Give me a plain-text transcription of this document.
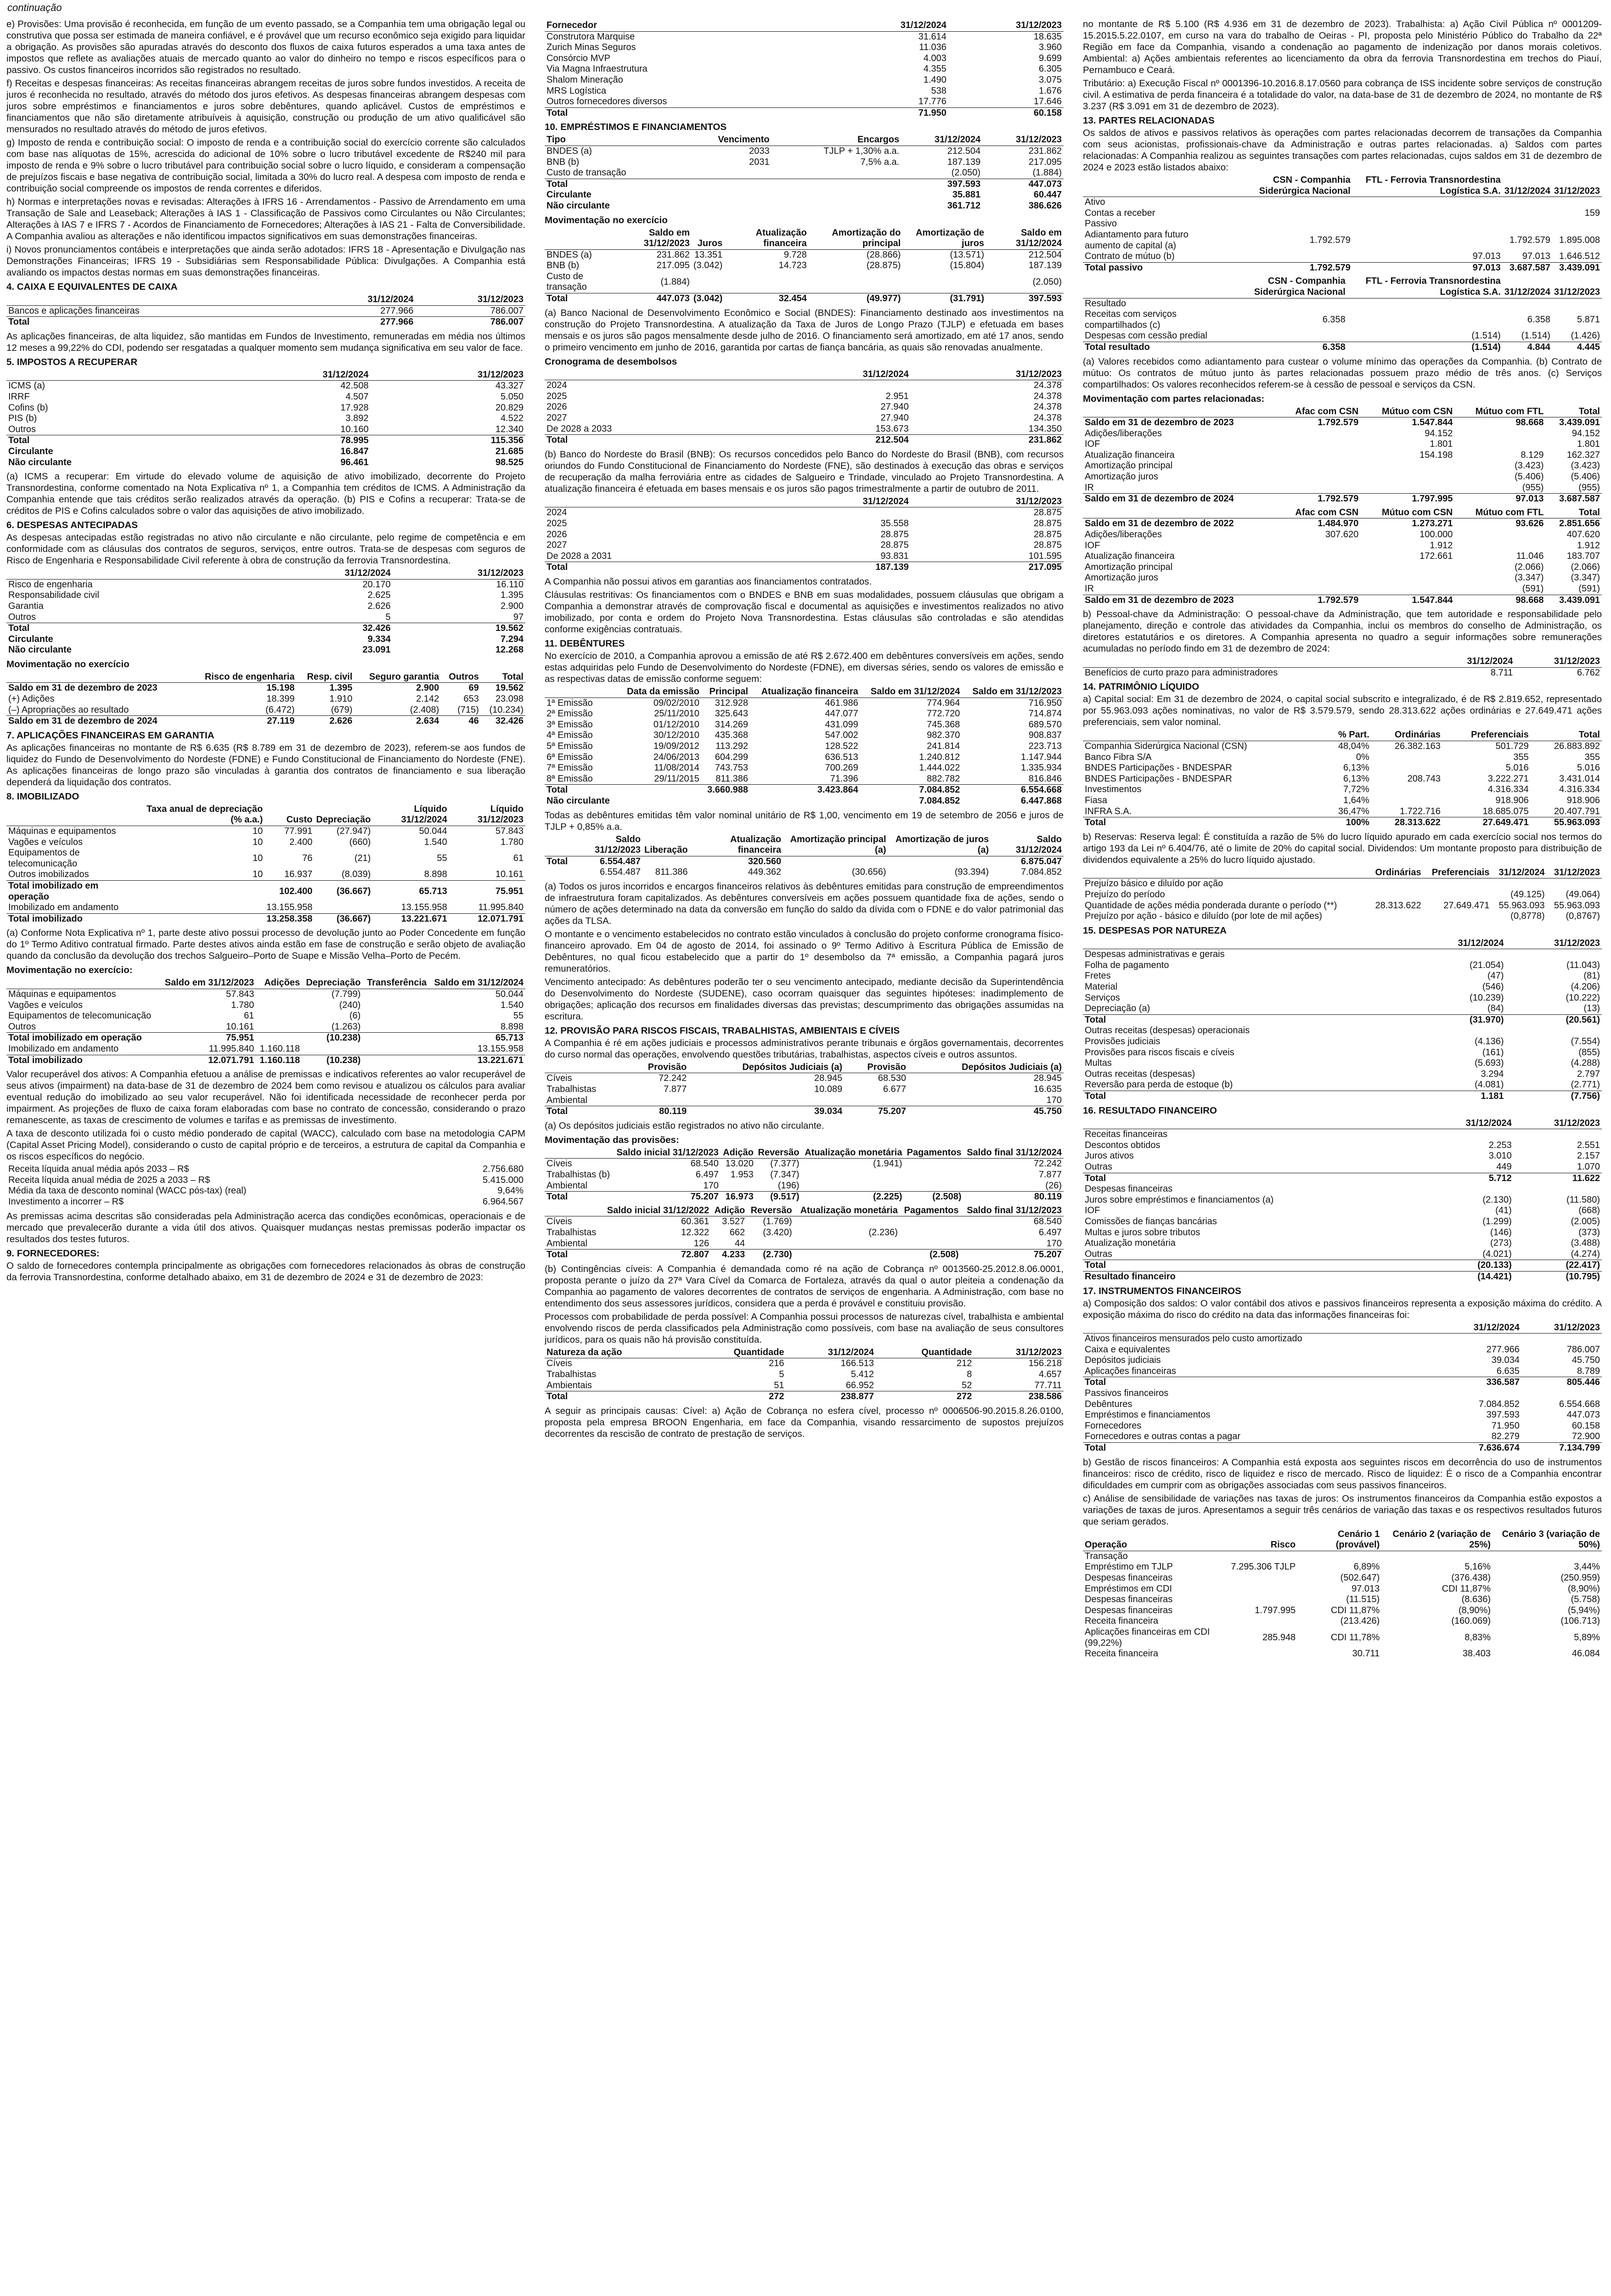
continuação

e) Provisões: Uma provisão é reconhecida, em função de um evento passado, se a Companhia tem uma obrigação legal ou construtiva que possa ser estimada de maneira confiável, e é provável que um recurso econômico seja exigido para liquidar a obrigação. As provisões são apuradas através do desconto dos fluxos de caixa futuros esperados a uma taxa antes de impostos que reflete as avaliações atuais de mercado quanto ao valor do dinheiro no tempo e riscos específicos para o passivo. Os custos financeiros incorridos são registrados no resultado.

f) Receitas e despesas financeiras: As receitas financeiras abrangem receitas de juros sobre fundos investidos. A receita de juros é reconhecida no resultado, através do método dos juros efetivos. As despesas financeiras abrangem despesas com juros sobre empréstimos e financiamentos e juros sobre debêntures, quando aplicável. Custos de empréstimos e financiamentos que não são diretamente atribuíveis à aquisição, construção ou produção de um ativo qualificável são mensurados no resultado através do método de juros efetivos.

g) Imposto de renda e contribuição social: O imposto de renda e a contribuição social do exercício corrente são calculados com base nas alíquotas de 15%, acrescida do adicional de 10% sobre o lucro tributável excedente de R$240 mil para imposto de renda e 9% sobre o lucro tributável para contribuição social sobre o lucro líquido, e consideram a compensação de prejuízos fiscais e base negativa de contribuição social, limitada a 30% do lucro real. A despesa com imposto de renda e contribuição social compreende os impostos de renda correntes e diferidos.

h) Normas e interpretações novas e revisadas: Alterações à IFRS 16 - Arrendamentos - Passivo de Arrendamento em uma Transação de Sale and Leaseback; Alterações à IAS 1 - Classificação de Passivos como Circulantes ou Não Circulantes; Alterações à IAS 7 e IFRS 7 - Acordos de Financiamento de Fornecedores; Alterações à IAS 21 - Falta de Conversibilidade. A Companhia avaliou as alterações e não identificou impactos significativos em suas demonstrações financeiras.

i) Novos pronunciamentos contábeis e interpretações que ainda serão adotados: IFRS 18 - Apresentação e Divulgação nas Demonstrações Financeiras; IFRS 19 - Subsidiárias sem Responsabilidade Pública: Divulgações. A Companhia está avaliando os impactos destas normas em suas demonstrações financeiras.

4. CAIXA E EQUIVALENTES DE CAIXA
	31/12/2024	31/12/2023
Bancos e aplicações financeiras	277.966	786.007
Total	277.966	786.007

As aplicações financeiras, de alta liquidez, são mantidas em Fundos de Investimento, remuneradas em média nos últimos 12 meses a 99,22% do CDI, podendo ser resgatadas a qualquer momento sem mudança significativa em seu valor de face.

5. IMPOSTOS A RECUPERAR
	31/12/2024	31/12/2023
ICMS (a)	42.508	43.327
IRRF	4.507	5.050
Cofins (b)	17.928	20.829
PIS (b)	3.892	4.522
Outros	10.160	12.340
Total	78.995	115.356
Circulante	16.847	21.685
Não circulante	96.461	98.525

(a) ICMS a recuperar: Em virtude do elevado volume de aquisição de ativo imobilizado, decorrente do Projeto Transnordestina, conforme comentado na Nota Explicativa nº 1, a Companhia tem créditos de ICMS. A Administração da Companhia entende que tais créditos serão realizados através da operação. (b) PIS e Cofins a recuperar: Trata-se de créditos de PIS e Cofins calculados sobre o valor das aquisições de ativo imobilizado.

6. DESPESAS ANTECIPADAS

As despesas antecipadas estão registradas no ativo não circulante e não circulante, pelo regime de competência e em conformidade com as cláusulas dos contratos de seguros, serviços, entre outros. Trata-se de despesas com seguros de Risco de Engenharia e Responsabilidade Civil referente à obra de construção da ferrovia Transnordestina.

	31/12/2024	31/12/2023
Risco de engenharia	20.170	16.110
Responsabilidade civil	2.625	1.395
Garantia	2.626	2.900
Outros	5	97
Total	32.426	19.562
Circulante	9.334	7.294
Não circulante	23.091	12.268
Movimentação no exercício
	Risco de engenharia	Resp. civil	Seguro garantia	Outros	Total
Saldo em 31 de dezembro de 2023	15.198	1.395	2.900	69	19.562
(+) Adições	18.399	1.910	2.142	653	23.098
(–) Apropriações ao resultado	(6.472)	(679)	(2.408)	(715)	(10.234)
Saldo em 31 de dezembro de 2024	27.119	2.626	2.634	46	32.426
7. APLICAÇÕES FINANCEIRAS EM GARANTIA

As aplicações financeiras no montante de R$ 6.635 (R$ 8.789 em 31 de dezembro de 2023), referem-se aos fundos de liquidez do Fundo de Desenvolvimento do Nordeste (FDNE) e Fundo Constitucional de Financiamento do Nordeste (FNE). As aplicações financeiras de longo prazo são vinculadas à garantia dos contratos de financiamento e sua liberação dependerá da liquidação dos contratos.

8. IMOBILIZADO
	Taxa anual de depreciação (% a.a.)	Custo	Depreciação	Líquido 31/12/2024	Líquido 31/12/2023
Máquinas e equipamentos	10	77.991	(27.947)	50.044	57.843
Vagões e veículos	10	2.400	(660)	1.540	1.780
Equipamentos de telecomunicação	10	76	(21)	55	61
Outros imobilizados	10	16.937	(8.039)	8.898	10.161
Total imobilizado em operação		102.400	(36.667)	65.713	75.951
Imobilizado em andamento		13.155.958		13.155.958	11.995.840
Total imobilizado		13.258.358	(36.667)	13.221.671	12.071.791

(a) Conforme Nota Explicativa nº 1, parte deste ativo possui processo de devolução junto ao Poder Concedente em função do 1º Termo Aditivo contratual firmado. Parte destes ativos ainda estão em fase de construção e serão objeto de avaliação quando da conclusão da devolução dos trechos Salgueiro–Porto de Suape e Missão Velha–Porto de Pecém.

Movimentação no exercício:
	Saldo em 31/12/2023	Adições	Depreciação	Transferência	Saldo em 31/12/2024
Máquinas e equipamentos	57.843		(7.799)		50.044
Vagões e veículos	1.780		(240)		1.540
Equipamentos de telecomunicação	61		(6)		55
Outros	10.161		(1.263)		8.898
Total imobilizado em operação	75.951		(10.238)		65.713
Imobilizado em andamento	11.995.840	1.160.118			13.155.958
Total imobilizado	12.071.791	1.160.118	(10.238)		13.221.671

Valor recuperável dos ativos: A Companhia efetuou a análise de premissas e indicativos referentes ao valor recuperável de seus ativos (impairment) na data-base de 31 de dezembro de 2024 bem como revisou e atualizou os cálculos para avaliar eventual redução do imobilizado ao seu valor recuperável. Não foi identificada necessidade de reconhecer perda por impairment. As projeções de fluxo de caixa foram elaboradas com base no contrato de concessão, considerando o prazo remanescente, as taxas de crescimento de volumes e tarifas e as premissas de investimento.

A taxa de desconto utilizada foi o custo médio ponderado de capital (WACC), calculado com base na metodologia CAPM (Capital Asset Pricing Model), considerando o custo de capital próprio e de terceiros, a estrutura de capital da Companhia e os riscos específicos do negócio.

Receita líquida anual média após 2033 – R$	2.756.680
Receita líquida anual média de 2025 a 2033 – R$	5.415.000
Média da taxa de desconto nominal (WACC pós-tax) (real)	9,64%
Investimento a incorrer – R$	6.964.567

As premissas acima descritas são consideradas pela Administração acerca das condições econômicas, operacionais e de mercado que prevalecerão durante a vida útil dos ativos. Quaisquer mudanças nestas premissas poderão impactar os resultados dos testes futuros.

9. FORNECEDORES:

O saldo de fornecedores contempla principalmente as obrigações com fornecedores relacionados às obras de construção da ferrovia Transnordestina, conforme detalhado abaixo, em 31 de dezembro de 2024 e 31 de dezembro de 2023:

Fornecedor	31/12/2024	31/12/2023
Construtora Marquise	31.614	18.635
Zurich Minas Seguros	11.036	3.960
Consórcio MVP	4.003	9.699
Via Magna Infraestrutura	4.355	6.305
Shalom Mineração	1.490	3.075
MRS Logística	538	1.676
Outros fornecedores diversos	17.776	17.646
Total	71.950	60.158
10. EMPRÉSTIMOS E FINANCIAMENTOS
Tipo	Vencimento	Encargos	31/12/2024	31/12/2023
BNDES (a)	2033	TJLP + 1,30% a.a.	212.504	231.862
BNB (b)	2031	7,5% a.a.	187.139	217.095
Custo de transação			(2.050)	(1.884)
Total			397.593	447.073
Circulante			35.881	60.447
Não circulante			361.712	386.626
Movimentação no exercício
	Saldo em 31/12/2023	Juros	Atualização financeira	Amortização do principal	Amortização de juros	Saldo em 31/12/2024
BNDES (a)	231.862	13.351	9.728	(28.866)	(13.571)	212.504
BNB (b)	217.095	(3.042)	14.723	(28.875)	(15.804)	187.139
Custo de transação	(1.884)					(2.050)
Total	447.073	(3.042)	32.454	(49.977)	(31.791)	397.593

(a) Banco Nacional de Desenvolvimento Econômico e Social (BNDES): Financiamento destinado aos investimentos na construção do Projeto Transnordestina. A atualização da Taxa de Juros de Longo Prazo (TJLP) e efetuada em bases mensais e os juros são pagos mensalmente desde julho de 2016. O financiamento será amortizado, em até 17 anos, sendo o primeiro vencimento em junho de 2016, garantida por cartas de fiança bancária, as quais são renovadas anualmente.

Cronograma de desembolsos
	31/12/2024	31/12/2023
2024		24.378
2025	2.951	24.378
2026	27.940	24.378
2027	27.940	24.378
De 2028 a 2033	153.673	134.350
Total	212.504	231.862

(b) Banco do Nordeste do Brasil (BNB): Os recursos concedidos pelo Banco do Nordeste do Brasil (BNB), com recursos oriundos do Fundo Constitucional de Financiamento do Nordeste (FNE), são destinados à execução das obras e serviços de recuperação da malha ferroviária entre as cidades de Salgueiro e Trindade, vinculado ao Projeto Transnordestina. A atualização financeira é efetuada em bases mensais e os juros são pagos trimestralmente a partir de outubro de 2011.

	31/12/2024	31/12/2023
2024		28.875
2025	35.558	28.875
2026	28.875	28.875
2027	28.875	28.875
De 2028 a 2031	93.831	101.595
Total	187.139	217.095

A Companhia não possui ativos em garantias aos financiamentos contratados.

Cláusulas restritivas: Os financiamentos com o BNDES e BNB em suas modalidades, possuem cláusulas que obrigam a Companhia a demonstrar através de comprovação fiscal e documental as aquisições e investimentos realizados no ativo imobilizado, por conta e ordem do Projeto Nova Transnordestina. Estas cláusulas são controladas e são atendidas conforme exigências contratuais.

11. DEBÊNTURES

No exercício de 2010, a Companhia aprovou a emissão de até R$ 2.672.400 em debêntures conversíveis em ações, sendo estas adquiridas pelo Fundo de Desenvolvimento do Nordeste (FDNE), em diversas séries, sendo os valores de emissão e as respectivas datas de emissão conforme seguem:

	Data da emissão	Principal	Atualização financeira	Saldo em 31/12/2024	Saldo em 31/12/2023
1ª Emissão	09/02/2010	312.928	461.986	774.964	716.950
2ª Emissão	25/11/2010	325.643	447.077	772.720	714.874
3ª Emissão	01/12/2010	314.269	431.099	745.368	689.570
4ª Emissão	30/12/2010	435.368	547.002	982.370	908.837
5ª Emissão	19/09/2012	113.292	128.522	241.814	223.713
6ª Emissão	24/06/2013	604.299	636.513	1.240.812	1.147.944
7ª Emissão	11/08/2014	743.753	700.269	1.444.022	1.335.934
8ª Emissão	29/11/2015	811.386	71.396	882.782	816.846
Total		3.660.988	3.423.864	7.084.852	6.554.668
Não circulante				7.084.852	6.447.868

Todas as debêntures emitidas têm valor nominal unitário de R$ 1,00, vencimento em 19 de setembro de 2056 e juros de TJLP + 0,85% a.a.

	Saldo 31/12/2023	Liberação	Atualização financeira	Amortização principal (a)	Amortização de juros (a)	Saldo 31/12/2024
Total	6.554.487		320.560			6.875.047
	6.554.487	811.386	449.362	(30.656)	(93.394)	7.084.852

(a) Todos os juros incorridos e encargos financeiros relativos às debêntures emitidas para construção de empreendimentos de infraestrutura foram capitalizados. As debêntures conversíveis em ações possuem quantidade fixa de ações, sendo o número de ações determinado na data da conversão em função do saldo da dívida com o FDNE e do valor patrimonial das ações da TLSA.

O montante e o vencimento estabelecidos no contrato estão vinculados à conclusão do projeto conforme cronograma físico-financeiro aprovado. Em 04 de agosto de 2014, foi assinado o 9º Termo Aditivo à Escritura Pública de Emissão de Debêntures, no qual ficou estabelecido que a partir do 1º desembolso da 7ª emissão, a Companhia pagará juros remuneratórios.

Vencimento antecipado: As debêntures poderão ter o seu vencimento antecipado, mediante decisão da Superintendência do Desenvolvimento do Nordeste (SUDENE), caso ocorram quaisquer das seguintes hipóteses: inadimplemento de obrigações; aplicação dos recursos em finalidades diversas das previstas; descumprimento das obrigações assumidas na escritura.

12. PROVISÃO PARA RISCOS FISCAIS, TRABALHISTAS, AMBIENTAIS E CÍVEIS

A Companhia é ré em ações judiciais e processos administrativos perante tribunais e órgãos governamentais, decorrentes do curso normal das operações, envolvendo questões tributárias, trabalhistas, aspectos cíveis e outros assuntos.

	Provisão	Depósitos Judiciais (a)	Provisão	Depósitos Judiciais (a)
Cíveis	72.242	28.945	68.530	28.945
Trabalhistas	7.877	10.089	6.677	16.635
Ambiental				170
Total	80.119	39.034	75.207	45.750

(a) Os depósitos judiciais estão registrados no ativo não circulante.

Movimentação das provisões:
	Saldo inicial 31/12/2023	Adição	Reversão	Atualização monetária	Pagamentos	Saldo final 31/12/2024
Cíveis	68.540	13.020	(7.377)	(1.941)		72.242
Trabalhistas (b)	6.497	1.953	(7.347)			7.877
Ambiental	170		(196)			(26)
Total	75.207	16.973	(9.517)	(2.225)	(2.508)	80.119
	Saldo inicial 31/12/2022	Adição	Reversão	Atualização monetária	Pagamentos	Saldo final 31/12/2023
Cíveis	60.361	3.527	(1.769)			68.540
Trabalhistas	12.322	662	(3.420)	(2.236)		6.497
Ambiental	126	44				170
Total	72.807	4.233	(2.730)		(2.508)	75.207

(b) Contingências cíveis: A Companhia é demandada como ré na ação de Cobrança nº 0013560-25.2012.8.06.0001, proposta perante o juízo da 27ª Vara Cível da Comarca de Fortaleza, através da qual o autor pleiteia a condenação da Companhia ao pagamento de valores decorrentes de contratos de serviços de engenharia. A Administração, com base no entendimento dos seus assessores jurídicos, considera que a perda é provável e constituiu provisão.

Processos com probabilidade de perda possível: A Companhia possui processos de naturezas cível, trabalhista e ambiental envolvendo riscos de perda classificados pela Administração como possíveis, com base na avaliação de seus consultores jurídicos, para os quais não há provisão constituída.

Natureza da ação	Quantidade	31/12/2024	Quantidade	31/12/2023
Cíveis	216	166.513	212	156.218
Trabalhistas	5	5.412	8	4.657
Ambientais	51	66.952	52	77.711
Total	272	238.877	272	238.586

A seguir as principais causas: Cível: a) Ação de Cobrança no esfera cível, processo nº 0006506-90.2015.8.26.0100, proposta pela empresa BROON Engenharia, em face da Companhia, visando ressarcimento de supostos prejuízos decorrentes da rescisão de contrato de prestação de serviços.

no montante de R$ 5.100 (R$ 4.936 em 31 de dezembro de 2023). Trabalhista: a) Ação Civil Pública nº 0001209-15.2015.5.22.0107, em curso na vara do trabalho de Oeiras - PI, proposta pelo Ministério Público do Trabalho da 22ª Região em face da Companhia, visando a condenação ao pagamento de indenização por danos morais coletivos. Ambiental: a) Ações ambientais referentes ao licenciamento da obra da ferrovia Transnordestina em trechos do Piauí, Pernambuco e Ceará.

Tributário: a) Execução Fiscal nº 0001396-10.2016.8.17.0560 para cobrança de ISS incidente sobre serviços de construção civil. A estimativa de perda financeira é a totalidade do valor, na data-base de 31 de dezembro de 2024, no montante de R$ 3.237 (R$ 3.091 em 31 de dezembro de 2023).

13. PARTES RELACIONADAS

Os saldos de ativos e passivos relativos às operações com partes relacionadas decorrem de transações da Companhia com seus acionistas, profissionais-chave da Administração e outras partes relacionadas. a) Saldos com partes relacionadas: A Companhia realizou as seguintes transações com partes relacionadas, cujos saldos em 31 de dezembro de 2024 e 2023 estão listados abaixo:

	CSN - Companhia Siderúrgica Nacional	FTL - Ferrovia Transnordestina Logística S.A.	31/12/2024	31/12/2023
Ativo				
Contas a receber				159
Passivo				
Adiantamento para futuro aumento de capital (a)	1.792.579		1.792.579	1.895.008
Contrato de mútuo (b)		97.013	97.013	1.646.512
Total passivo	1.792.579	97.013	3.687.587	3.439.091
	CSN - Companhia Siderúrgica Nacional	FTL - Ferrovia Transnordestina Logística S.A.	31/12/2024	31/12/2023
Resultado				
Receitas com serviços compartilhados (c)	6.358		6.358	5.871
Despesas com cessão predial		(1.514)	(1.514)	(1.426)
Total resultado	6.358	(1.514)	4.844	4.445

(a) Valores recebidos como adiantamento para custear o volume mínimo das operações da Companhia. (b) Contrato de mútuo: Os contratos de mútuo junto às partes relacionadas possuem prazo médio de três anos. (c) Serviços compartilhados: Os valores reconhecidos referem-se à cessão de pessoal e serviços da CSN.

Movimentação com partes relacionadas:
	Afac com CSN	Mútuo com CSN	Mútuo com FTL	Total
Saldo em 31 de dezembro de 2023	1.792.579	1.547.844	98.668	3.439.091
Adições/liberações		94.152		94.152
IOF		1.801		1.801
Atualização financeira		154.198	8.129	162.327
Amortização principal			(3.423)	(3.423)
Amortização juros			(5.406)	(5.406)
IR			(955)	(955)
Saldo em 31 de dezembro de 2024	1.792.579	1.797.995	97.013	3.687.587
	Afac com CSN	Mútuo com CSN	Mútuo com FTL	Total
Saldo em 31 de dezembro de 2022	1.484.970	1.273.271	93.626	2.851.656
Adições/liberações	307.620	100.000		407.620
IOF		1.912		1.912
Atualização financeira		172.661	11.046	183.707
Amortização principal			(2.066)	(2.066)
Amortização juros			(3.347)	(3.347)
IR			(591)	(591)
Saldo em 31 de dezembro de 2023	1.792.579	1.547.844	98.668	3.439.091

b) Pessoal-chave da Administração: O pessoal-chave da Administração, que tem autoridade e responsabilidade pelo planejamento, direção e controle das atividades da Companhia, inclui os membros do conselho de Administração, os diretores estatutários e os diretores. A Companhia apresenta no quadro a seguir informações sobre remunerações acumuladas no período findo em 31 de dezembro de 2024:

	31/12/2024	31/12/2023
Benefícios de curto prazo para administradores	8.711	6.762
14. PATRIMÔNIO LÍQUIDO

a) Capital social: Em 31 de dezembro de 2024, o capital social subscrito e integralizado, é de R$ 2.819.652, representado por 55.963.093 ações nominativas, no valor de R$ 3.579.579, sendo 28.313.622 ações ordinárias e 27.649.471 ações preferenciais, sem valor nominal.

	% Part.	Ordinárias	Preferenciais	Total
Companhia Siderúrgica Nacional (CSN)	48,04%	26.382.163	501.729	26.883.892
Banco Fibra S/A	0%		355	355
BNDES Participações - BNDESPAR	6,13%		5.016	5.016
BNDES Participações - BNDESPAR	6,13%	208.743	3.222.271	3.431.014
Investimentos	7,72%		4.316.334	4.316.334
Fiasa	1,64%		918.906	918.906
INFRA S.A.	36,47%	1.722.716	18.685.075	20.407.791
Total	100%	28.313.622	27.649.471	55.963.093

b) Reservas: Reserva legal: É constituída a razão de 5% do lucro líquido apurado em cada exercício social nos termos do artigo 193 da Lei nº 6.404/76, até o limite de 20% do capital social. Dividendos: Um montante proposto para distribuição de dividendos equivalente a 25% do lucro líquido ajustado.

	Ordinárias	Preferenciais	31/12/2024	31/12/2023
Prejuízo básico e diluído por ação				
Prejuízo do período			(49.125)	(49.064)
Quantidade de ações média ponderada durante o período (**)	28.313.622	27.649.471	55.963.093	55.963.093
Prejuízo por ação - básico e diluído (por lote de mil ações)			(0,8778)	(0,8767)
15. DESPESAS POR NATUREZA
	31/12/2024	31/12/2023
Despesas administrativas e gerais		
Folha de pagamento	(21.054)	(11.043)
Fretes	(47)	(81)
Material	(546)	(4.206)
Serviços	(10.239)	(10.222)
Depreciação (a)	(84)	(13)
Total	(31.970)	(20.561)
Outras receitas (despesas) operacionais		
Provisões judiciais	(4.136)	(7.554)
Provisões para riscos fiscais e cíveis	(161)	(855)
Multas	(5.693)	(4.288)
Outras receitas (despesas)	3.294	2.797
Reversão para perda de estoque (b)	(4.081)	(2.771)
Total	1.181	(7.756)
16. RESULTADO FINANCEIRO
	31/12/2024	31/12/2023
Receitas financeiras		
Descontos obtidos	2.253	2.551
Juros ativos	3.010	2.157
Outras	449	1.070
Total	5.712	11.622
Despesas financeiras		
Juros sobre empréstimos e financiamentos (a)	(2.130)	(11.580)
IOF	(41)	(668)
Comissões de fianças bancárias	(1.299)	(2.005)
Multas e juros sobre tributos	(146)	(373)
Atualização monetária	(273)	(3.488)
Outras	(4.021)	(4.274)
Total	(20.133)	(22.417)
Resultado financeiro	(14.421)	(10.795)
17. INSTRUMENTOS FINANCEIROS

a) Composição dos saldos: O valor contábil dos ativos e passivos financeiros representa a exposição máxima do crédito. A exposição máxima do risco do crédito na data das informações financeiras foi:

	31/12/2024	31/12/2023
Ativos financeiros mensurados pelo custo amortizado		
Caixa e equivalentes	277.966	786.007
Depósitos judiciais	39.034	45.750
Aplicações financeiras	6.635	8.789
Total	336.587	805.446
Passivos financeiros		
Debêntures	7.084.852	6.554.668
Empréstimos e financiamentos	397.593	447.073
Fornecedores	71.950	60.158
Fornecedores e outras contas a pagar	82.279	72.900
Total	7.636.674	7.134.799

b) Gestão de riscos financeiros: A Companhia está exposta aos seguintes riscos em decorrência do uso de instrumentos financeiros: risco de crédito, risco de liquidez e risco de mercado. Risco de liquidez: É o risco de a Companhia encontrar dificuldades em cumprir com as obrigações associadas com seus passivos financeiros.

c) Análise de sensibilidade de variações nas taxas de juros: Os instrumentos financeiros da Companhia estão expostos a variações de taxas de juros. Apresentamos a seguir três cenários de variação das taxas e os respectivos resultados futuros que seriam gerados.

Operação	Risco	Cenário 1 (provável)	Cenário 2 (variação de 25%)	Cenário 3 (variação de 50%)
Transação				
Empréstimo em TJLP	7.295.306 TJLP	6,89%	5,16%	3,44%
Despesas financeiras		(502.647)	(376.438)	(250.959)
Empréstimos em CDI		97.013	CDI 11,87%	(8,90%)
Despesas financeiras		(11.515)	(8.636)	(5.758)
Despesas financeiras	1.797.995	CDI 11,87%	(8,90%)	(5,94%)
Receita financeira		(213.426)	(160.069)	(106.713)
Aplicações financeiras em CDI (99,22%)	285.948	CDI 11,78%	8,83%	5,89%
Receita financeira		30.711	38.403	46.084
